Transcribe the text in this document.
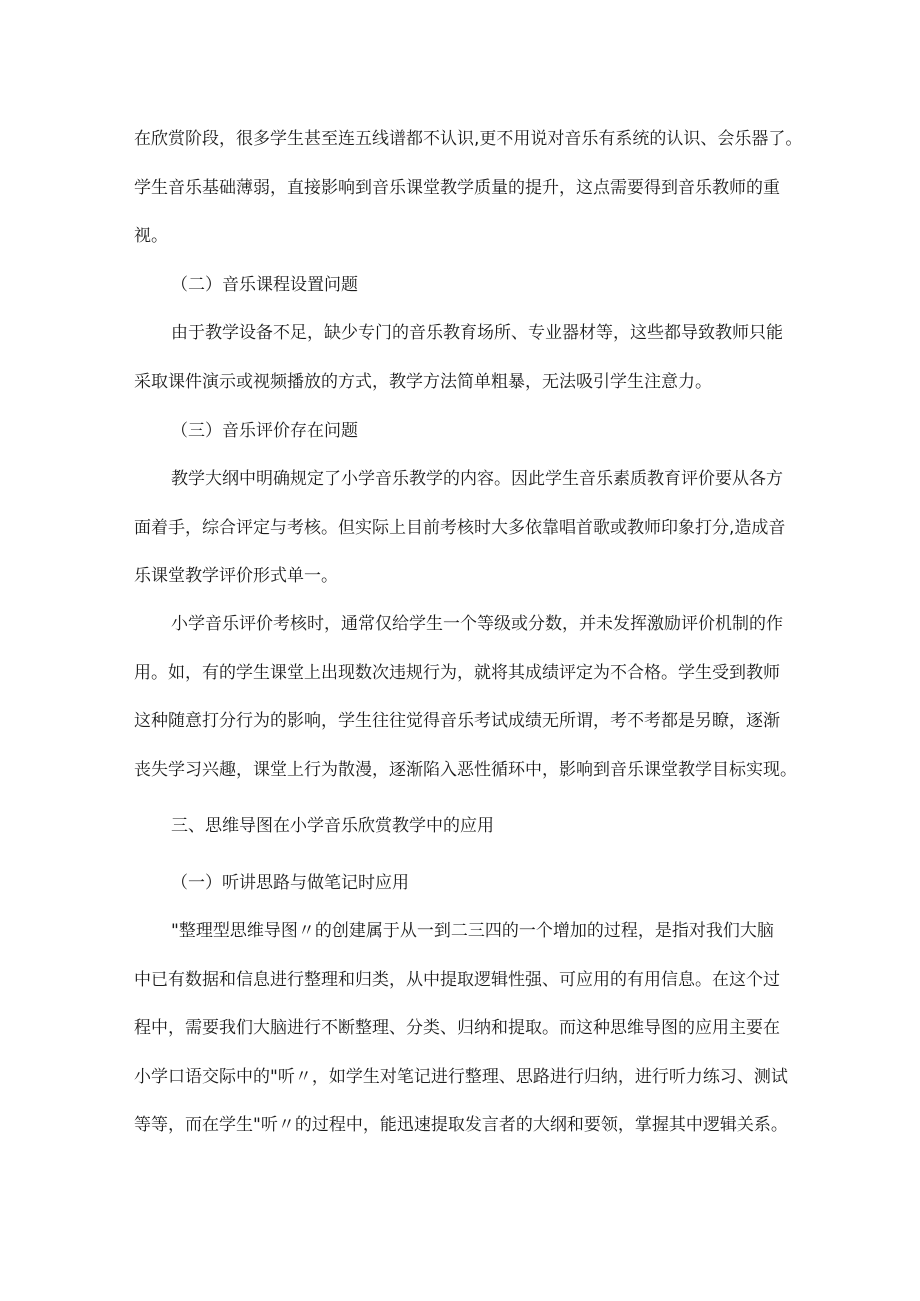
在欣赏阶段，很多学生甚至连五线谱都不认识,更不用说对音乐有系统的认识、会乐器了。
学生音乐基础薄弱，直接影响到音乐课堂教学质量的提升，这点需要得到音乐教师的重
视。
（二）音乐课程设置问题
由于教学设备不足，缺少专门的音乐教育场所、专业器材等，这些都导致教师只能
采取课件演示或视频播放的方式，教学方法简单粗暴，无法吸引学生注意力。
（三）音乐评价存在问题
教学大纲中明确规定了小学音乐教学的内容。因此学生音乐素质教育评价要从各方
面着手，综合评定与考核。但实际上目前考核时大多依靠唱首歌或教师印象打分,造成音
乐课堂教学评价形式单一。
小学音乐评价考核时，通常仅给学生一个等级或分数，并未发挥激励评价机制的作
用。如，有的学生课堂上出现数次违规行为，就将其成绩评定为不合格。学生受到教师
这种随意打分行为的影响，学生往往觉得音乐考试成绩无所谓，考不考都是另瞭，逐渐
丧失学习兴趣，课堂上行为散漫，逐渐陷入恶性循环中，影响到音乐课堂教学目标实现。
三、思维导图在小学音乐欣赏教学中的应用
（一）听讲思路与做笔记时应用
"整理型思维导图〃的创建属于从一到二三四的一个增加的过程，是指对我们大脑
中已有数据和信息进行整理和归类，从中提取逻辑性强、可应用的有用信息。在这个过
程中，需要我们大脑进行不断整理、分类、归纳和提取。而这种思维导图的应用主要在
小学口语交际中的"听〃，如学生对笔记进行整理、思路进行归纳，进行听力练习、测试
等等，而在学生"听〃的过程中，能迅速提取发言者的大纲和要领，掌握其中逻辑关系。
